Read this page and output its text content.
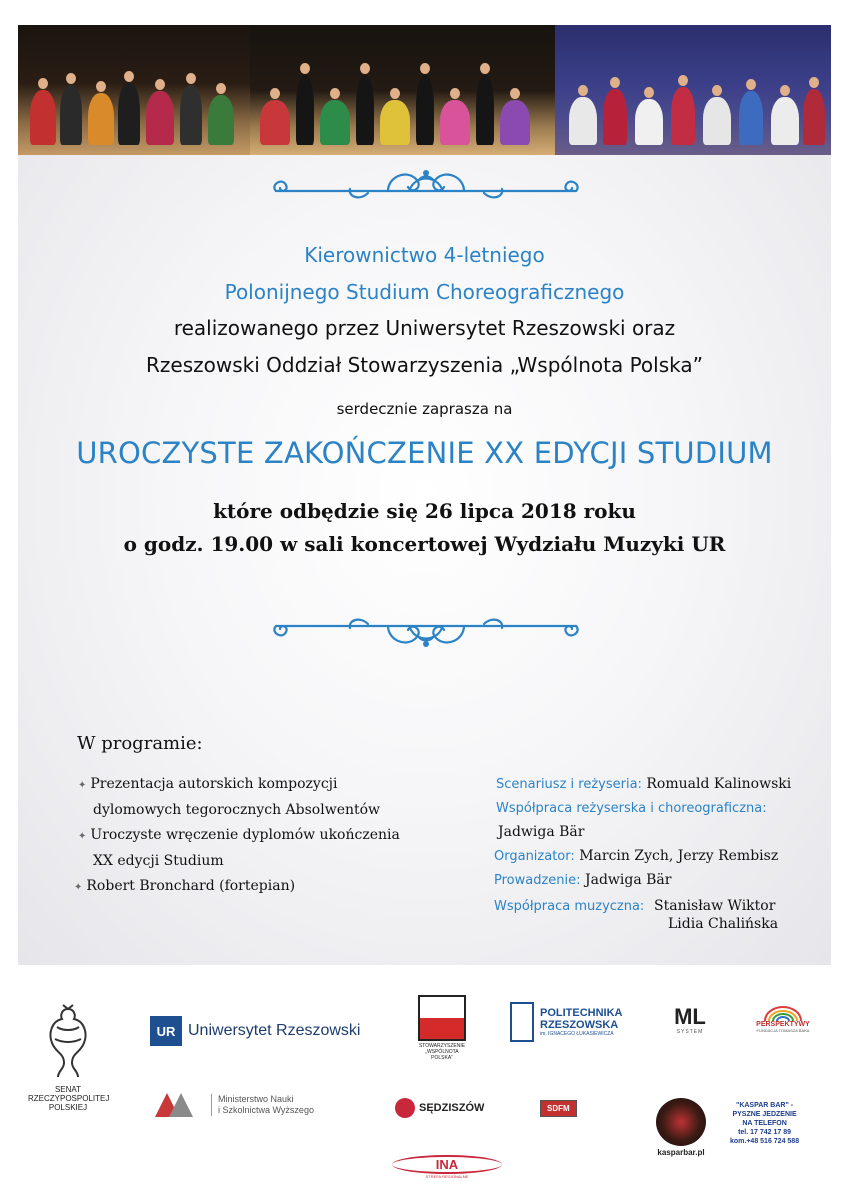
Kierownictwo 4-letniego
Polonijnego Studium Choreograficznego
realizowanego przez Uniwersytet Rzeszowski oraz
Rzeszowski Oddział Stowarzyszenia „Wspólnota Polska”
serdecznie zaprasza na
UROCZYSTE ZAKOŃCZENIE XX EDYCJI STUDIUM
które odbędzie się 26 lipca 2018 roku
o godz. 19.00 w sali koncertowej Wydziału Muzyki UR
W programie:
✦ Prezentacja autorskich kompozycji
dylomowych tegorocznych Absolwentów
✦ Uroczyste wręczenie dyplomów ukończenia
XX edycji Studium
✦ Robert Bronchard (fortepian)
Scenariusz i reżyseria: Romuald Kalinowski
Współpraca reżyserska i choreograficzna:
Jadwiga Bär
Organizator: Marcin Zych, Jerzy Rembisz
Prowadzenie: Jadwiga Bär
Współpraca muzyczna: Stanisław Wiktor
Lidia Chalińska
SENAT
RZECZYPOSPOLITEJ
POLSKIEJ
UR Uniwersytet Rzeszowski
STOWARZYSZENIE
„WSPÓLNOTA POLSKA”
POLITECHNIKA
RZESZOWSKA
im. IGNACEGO ŁUKASIEWICZA
ML
SYSTEM
PERSPEKTYWY
FUNDACJA TOMASZA BAKA
Ministerstwo Nauki
i Szkolnictwa Wyższego	SĘDZISZÓW	SDFM
kasparbar.pl
"KASPAR BAR" -
PYSZNE JEDZENIE
NA TELEFON
tel. 17 742 17 89
kom.+48 516 724 588
INA
STREFA REGIONALNE
